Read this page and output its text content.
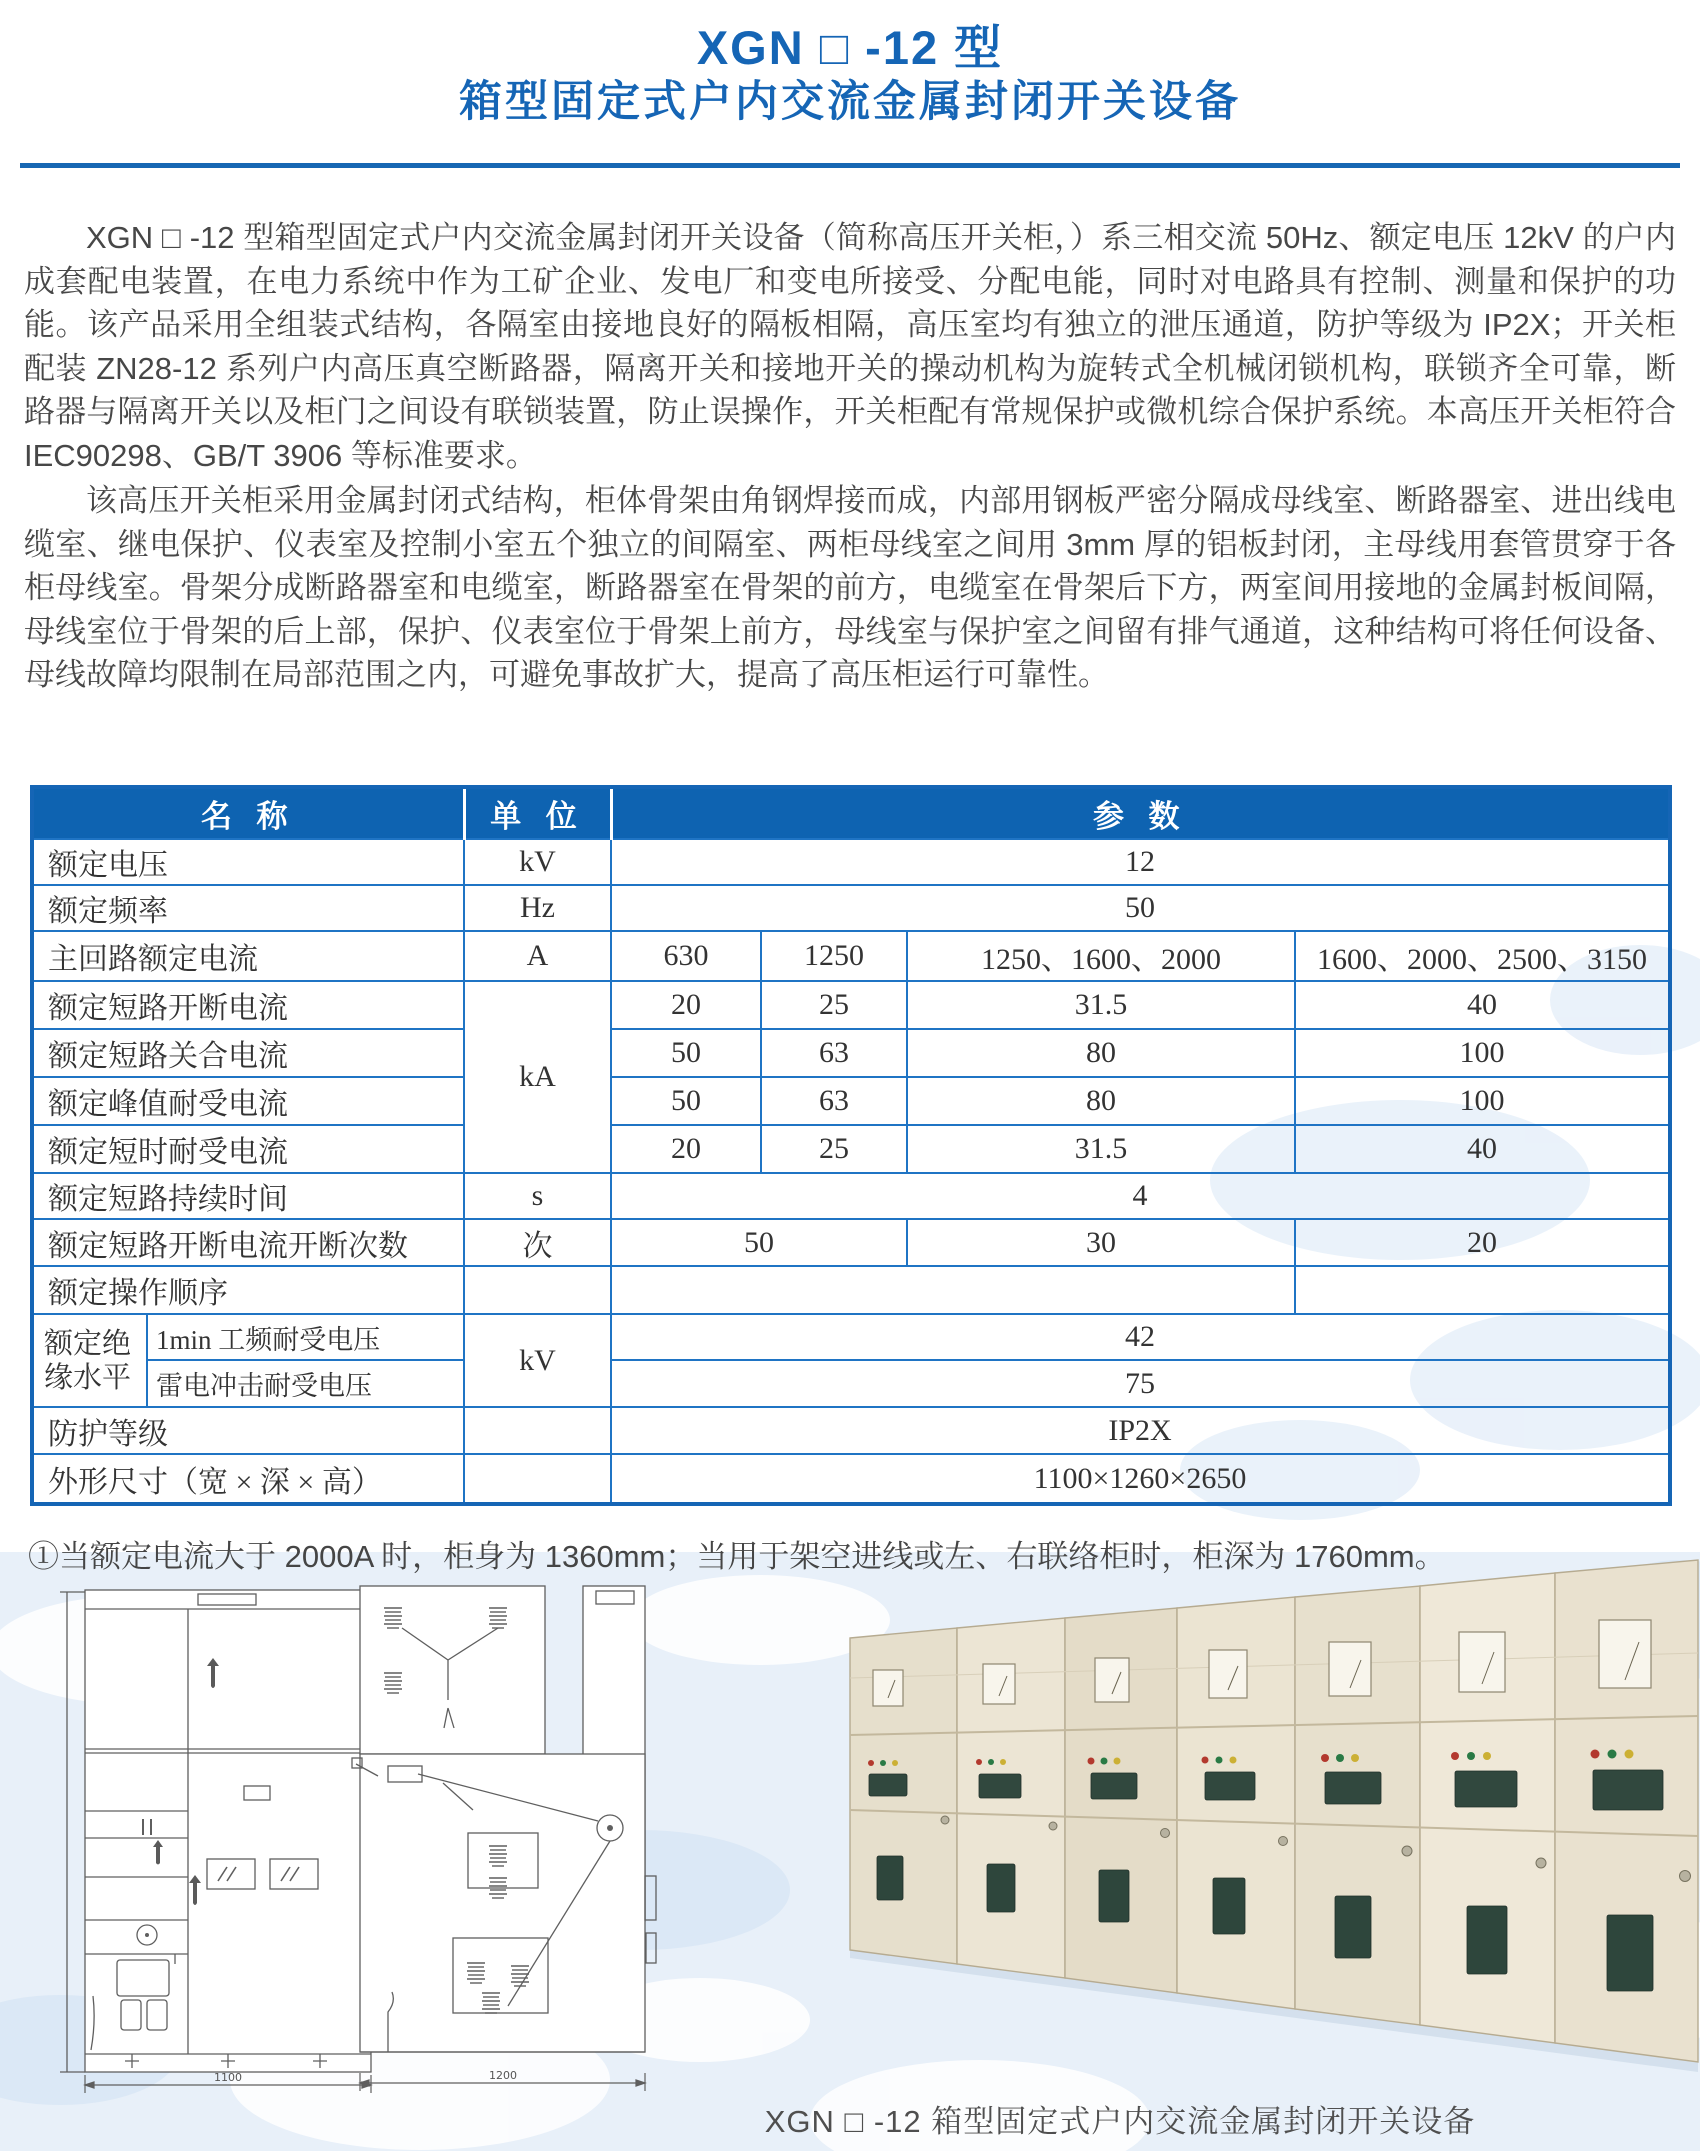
XGN □ -12 型
箱型固定式户内交流金属封闭开关设备

XGN □ -12 型箱型固定式户内交流金属封闭开关设备（简称高压开关柜，）系三相交流 50Hz、额定电压 12kV 的户内成套配电装置，在电力系统中作为工矿企业、发电厂和变电所接受、分配电能，同时对电路具有控制、测量和保护的功能。该产品采用全组装式结构，各隔室由接地良好的隔板相隔，高压室均有独立的泄压通道，防护等级为 IP2X；开关柜配装 ZN28-12 系列户内高压真空断路器，隔离开关和接地开关的操动机构为旋转式全机械闭锁机构，联锁齐全可靠，断路器与隔离开关以及柜门之间设有联锁装置，防止误操作，开关柜配有常规保护或微机综合保护系统。本高压开关柜符合 IEC90298、GB/T 3906 等标准要求。

该高压开关柜采用金属封闭式结构，柜体骨架由角钢焊接而成，内部用钢板严密分隔成母线室、断路器室、进出线电缆室、继电保护、仪表室及控制小室五个独立的间隔室、两柜母线室之间用 3mm 厚的铝板封闭，主母线用套管贯穿于各柜母线室。骨架分成断路器室和电缆室，断路器室在骨架的前方，电缆室在骨架后下方，两室间用接地的金属封板间隔，母线室位于骨架的后上部，保护、仪表室位于骨架上前方，母线室与保护室之间留有排气通道，这种结构可将任何设备、母线故障均限制在局部范围之内，可避免事故扩大，提高了高压柜运行可靠性。

名 称		单 位	参 数			
额定电压		kV	12			
额定频率		Hz	50			
主回路额定电流		A	630	1250	1250、1600、2000	1600、2000、2500、3150
额定短路开断电流		kA	20	25	31.5	40
额定短路关合电流			50	63	80	100
额定峰值耐受电流			50	63	80	100
额定短时耐受电流			20	25	31.5	40
额定短路持续时间		s	4			
额定短路开断电流开断次数		次	50		30	20
额定操作顺序						
额定绝缘水平	1min 工频耐受电压	kV	42			
	雷电冲击耐受电压		75			
防护等级			IP2X			
外形尺寸（宽 × 深 × 高）			1100×1260×2650			
①当额定电流大于 2000A 时，柜身为 1360mm；当用于架空进线或左、右联络柜时，柜深为 1760mm。
1100	1200
XGN □ -12 箱型固定式户内交流金属封闭开关设备
